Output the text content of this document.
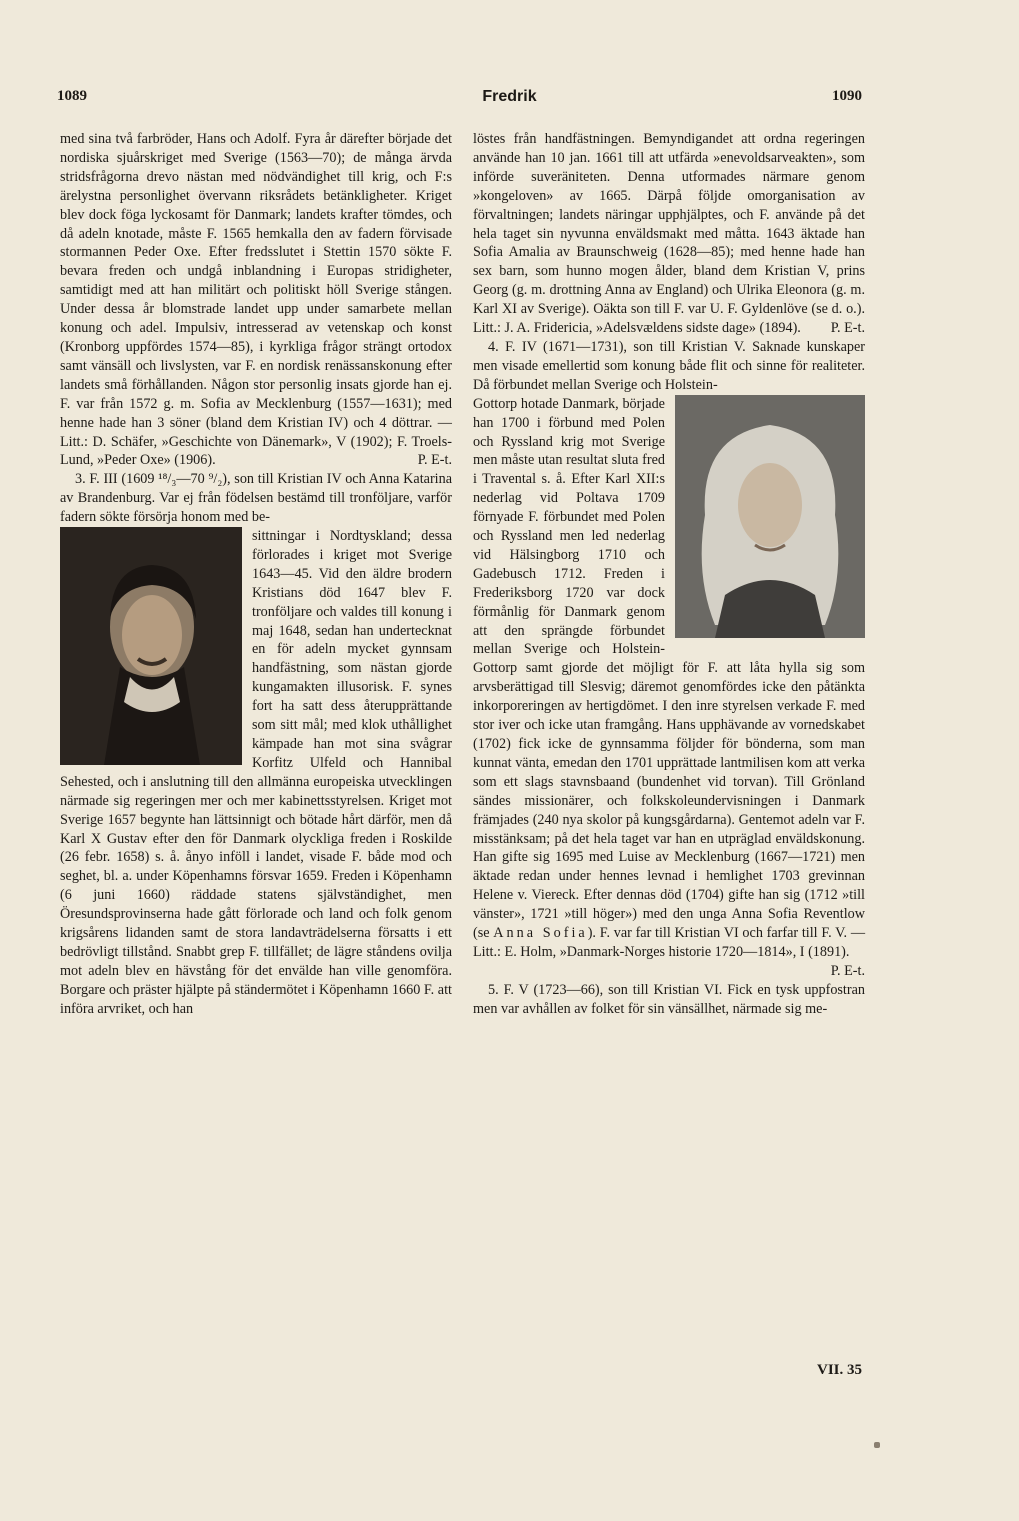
1089	Fredrik	1090

med sina två farbröder, Hans och Adolf. Fyra år därefter började det nordiska sjuårskriget med Sverige (1563—70); de många ärvda stridsfrågorna drevo nästan med nödvändighet till krig, och F:s ärelystna personlighet övervann riksrådets betänkligheter. Kriget blev dock föga lyckosamt för Danmark; landets krafter tömdes, och då adeln knotade, måste F. 1565 hemkalla den av fadern förvisade stormannen Peder Oxe. Efter fredsslutet i Stettin 1570 sökte F. bevara freden och undgå inblandning i Europas stridigheter, samtidigt med att han militärt och politiskt höll Sverige stången. Under dessa år blomstrade landet upp under samarbete mellan konung och adel. Impulsiv, intresserad av vetenskap och konst (Kronborg uppfördes 1574—85), i kyrkliga frågor strängt ortodox samt vänsäll och livslysten, var F. en nordisk renässanskonung efter landets små förhållanden. Någon stor personlig insats gjorde han ej. F. var från 1572 g. m. Sofia av Mecklenburg (1557—1631); med henne hade han 3 söner (bland dem Kristian IV) och 4 döttrar. — Litt.: D. Schäfer, »Geschichte von Dänemark», V (1902); F. Troels-Lund, »Peder Oxe» (1906).	P. E-t.

3. F. III (1609 ¹⁸/₃—70 ⁹/₂), son till Kristian IV och Anna Katarina av Brandenburg. Var ej från födelsen bestämd till tronföljare, varför fadern sökte försörja honom med be-

sittningar i Nordtyskland; dessa förlorades i kriget mot Sverige 1643—45. Vid den äldre brodern Kristians död 1647 blev F. tronföljare och valdes till konung i maj 1648, sedan han undertecknat en för adeln mycket gynnsam handfästning, som nästan gjorde kungamakten illusorisk. F. synes fort ha satt dess återupprättande som sitt mål; med klok uthållighet kämpade han mot sina svågrar Korfitz Ulfeld och Hannibal Sehested, och i anslutning till den allmänna europeiska utvecklingen närmade sig regeringen mer och mer kabinettsstyrelsen. Kriget mot Sverige 1657 begynte han lättsinnigt och bötade hårt därför, men då Karl X Gustav efter den för Danmark olyckliga freden i Roskilde (26 febr. 1658) s. å. ånyo inföll i landet, visade F. både mod och seghet, bl. a. under Köpenhamns försvar 1659. Freden i Köpenhamn (6 juni 1660) räddade statens självständighet, men Öresundsprovinserna hade gått förlorade och land och folk genom krigsårens lidanden samt de stora landavträdelserna försatts i ett bedrövligt tillstånd. Snabbt grep F. tillfället; de lägre ståndens ovilja mot adeln blev en hävstång för det envälde han ville genomföra. Borgare och präster hjälpte på ständermötet i Köpenhamn 1660 F. att införa arvriket, och han

löstes från handfästningen. Bemyndigandet att ordna regeringen använde han 10 jan. 1661 till att utfärda »enevoldsarveakten», som införde suveräniteten. Denna utformades närmare genom »kongeloven» av 1665. Därpå följde omorganisation av förvaltningen; landets näringar upphjälptes, och F. använde på det hela taget sin nyvunna enväldsmakt med måtta. 1643 äktade han Sofia Amalia av Braunschweig (1628—85); med henne hade han sex barn, som hunno mogen ålder, bland dem Kristian V, prins Georg (g. m. drottning Anna av England) och Ulrika Eleonora (g. m. Karl XI av Sverige). Oäkta son till F. var U. F. Gyldenlöve (se d. o.). Litt.: J. A. Fridericia, »Adelsvældens sidste dage» (1894). P. E-t.

4. F. IV (1671—1731), son till Kristian V. Saknade kunskaper men visade emellertid som konung både flit och sinne för realiteter. Då förbundet mellan Sverige och Holstein-

Gottorp hotade Danmark, började han 1700 i förbund med Polen och Ryssland krig mot Sverige men måste utan resultat sluta fred i Travental s. å. Efter Karl XII:s nederlag vid Poltava 1709 förnyade F. förbundet med Polen och Ryssland men led nederlag vid Hälsingborg 1710 och Gadebusch 1712. Freden i Frederiksborg 1720 var dock förmånlig för Danmark genom att den sprängde förbundet mellan Sverige och Holstein-Gottorp samt gjorde det möjligt för F. att låta hylla sig som arvsberättigad till Slesvig; däremot genomfördes icke den påtänkta inkorporeringen av hertigdömet. I den inre styrelsen verkade F. med stor iver och icke utan framgång. Hans upphävande av vornedskabet (1702) fick icke de gynnsamma följder för bönderna, som man kunnat vänta, emedan den 1701 upprättade lantmilisen kom att verka som ett slags stavnsbaand (bundenhet vid torvan). Till Grönland sändes missionärer, och folkskoleundervisningen i Danmark främjades (240 nya skolor på kungsgårdarna). Gentemot adeln var F. misstänksam; på det hela taget var han en utpräglad enväldskonung. Han gifte sig 1695 med Luise av Mecklenburg (1667—1721) men äktade redan under hennes levnad i hemlighet 1703 grevinnan Helene v. Viereck. Efter dennas död (1704) gifte han sig (1712 »till vänster», 1721 »till höger») med den unga Anna Sofia Reventlow (se Anna Sofia). F. var far till Kristian VI och farfar till F. V. — Litt.: E. Holm, »Danmark-Norges historie 1720—1814», I (1891).
P. E-t.

5. F. V (1723—66), son till Kristian VI. Fick en tysk uppfostran men var avhållen av folket för sin vänsällhet, närmade sig me-

VII. 35
